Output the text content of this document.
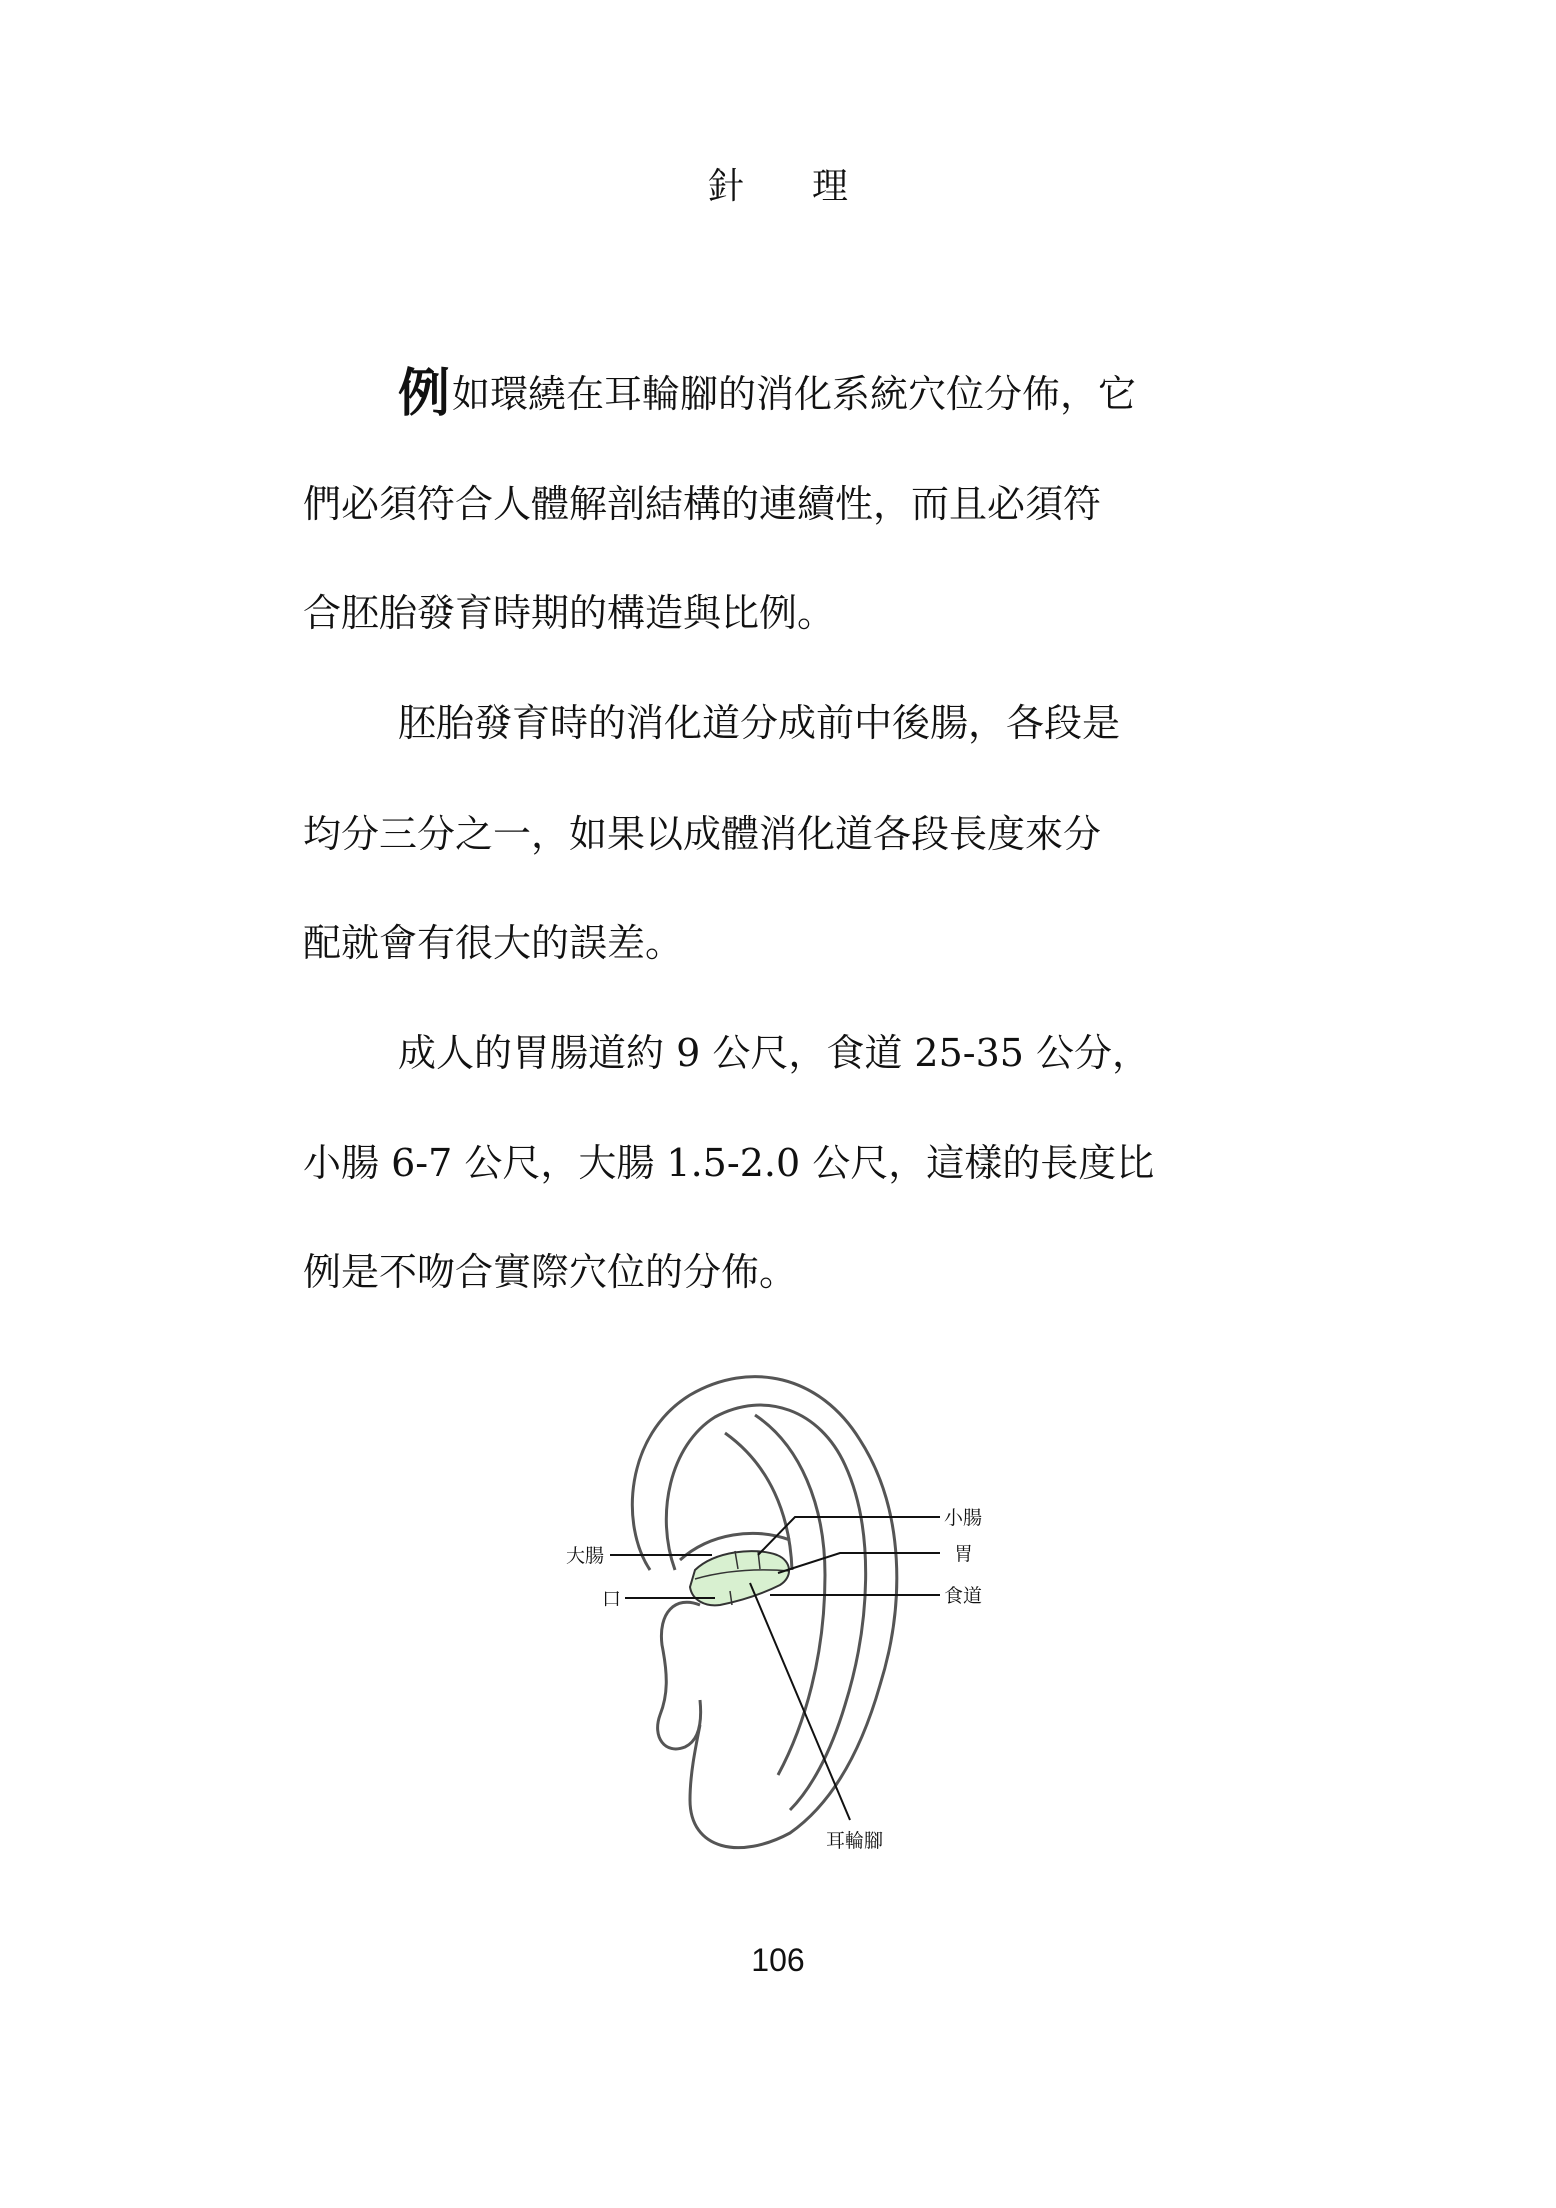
針 理
例如環繞在耳輪腳的消化系統穴位分佈，它
們必須符合人體解剖結構的連續性，而且必須符
合胚胎發育時期的構造與比例。
胚胎發育時的消化道分成前中後腸，各段是
均分三分之一，如果以成體消化道各段長度來分
配就會有很大的誤差。
成人的胃腸道約 9 公尺，食道 25-35 公分，
小腸 6-7 公尺，大腸 1.5-2.0 公尺，這樣的長度比
例是不吻合實際穴位的分佈。
小腸
胃
食道
大腸
口
耳輪腳
106
